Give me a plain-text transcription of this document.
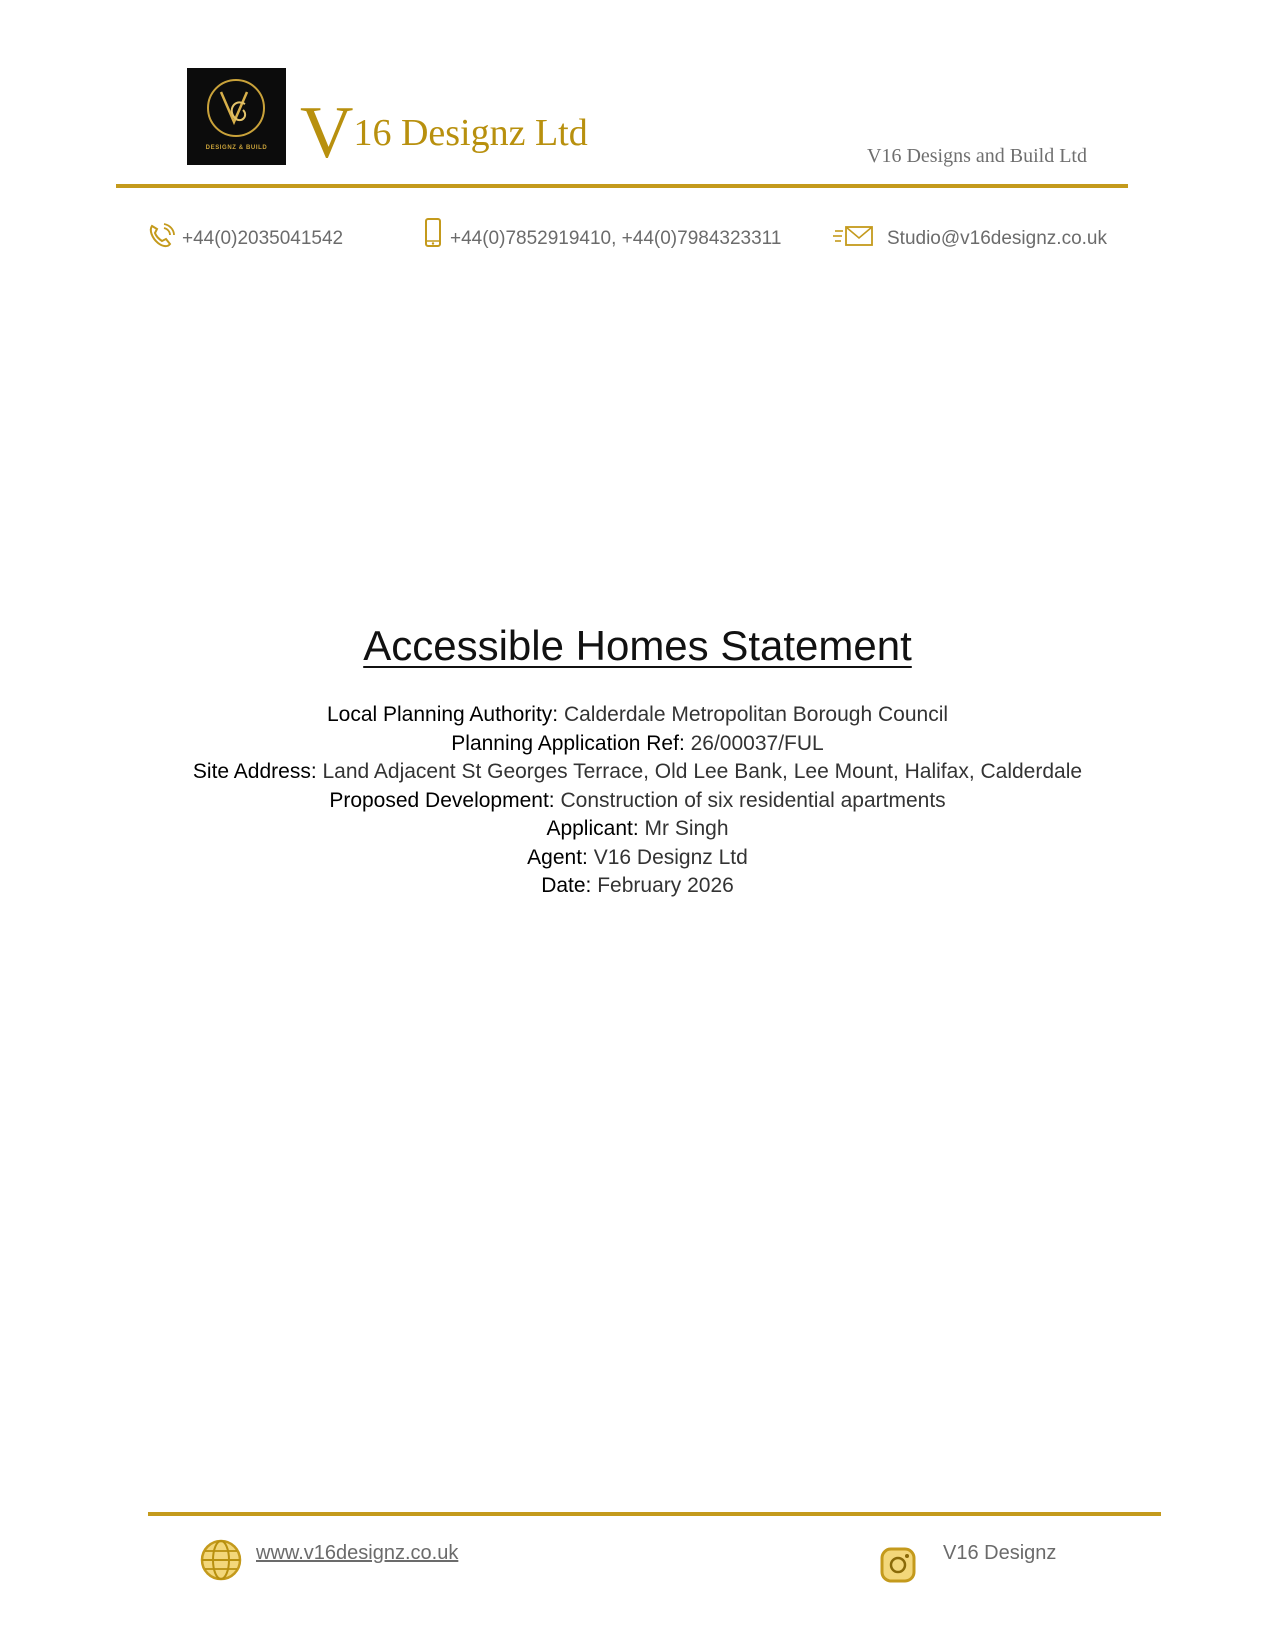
DESIGNZ & BUILD V16 Designz Ltd
V16 Designs and Build Ltd
+44(0)2035041542	+44(0)7852919410, +44(0)7984323311	Studio@v16designz.co.uk
Accessible Homes Statement
Local Planning Authority: Calderdale Metropolitan Borough Council
Planning Application Ref: 26/00037/FUL
Site Address: Land Adjacent St Georges Terrace, Old Lee Bank, Lee Mount, Halifax, Calderdale
Proposed Development: Construction of six residential apartments
Applicant: Mr Singh
Agent: V16 Designz Ltd
Date: February 2026
www.v16designz.co.uk	V16 Designz
